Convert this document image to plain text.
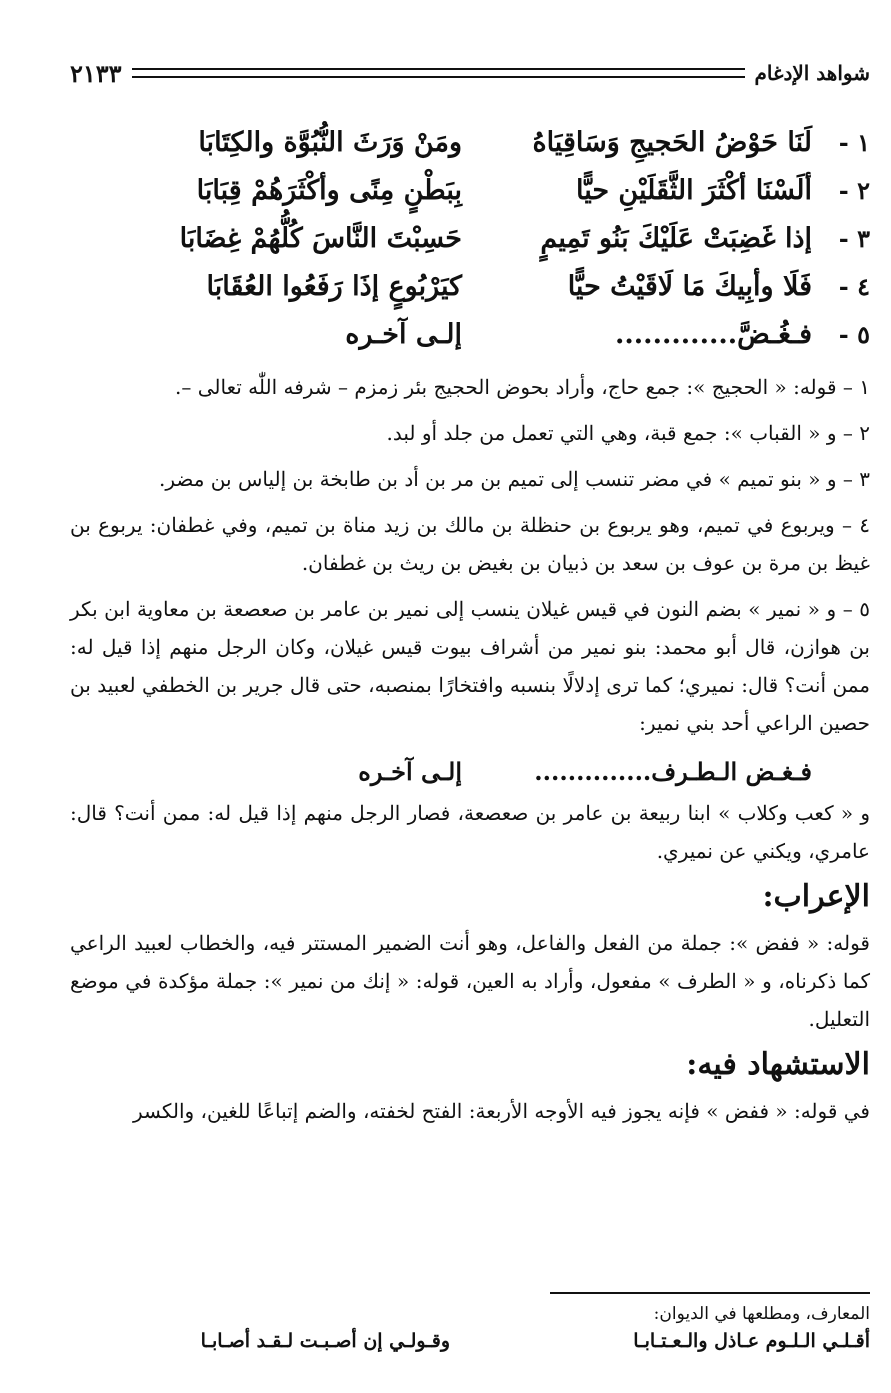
شواهد الإدغام
٢١٣٣
١ -
لَنَا حَوْضُ الحَجيجِ وَسَاقِيَاهُ
ومَنْ وَرَثَ النُّبُوَّة والكِتَابَا
٢ -
ألَسْنَا أكْثَرَ الثَّقَلَيْنِ حيًّا
بِبَطْنٍ مِنًى وأكْثَرَهُمْ قِبَابَا
٣ -
إذا غَضِبَتْ عَلَيْكَ بَنُو تَمِيمٍ
حَسِبْتَ النَّاسَ كُلُّهُمْ غِضَابَا
٤ -
فَلَا وأبِيكَ مَا لَاقَيْتُ حيًّا
كيَرْبُوعٍ إذَا رَفَعُوا العُقَابَا
٥ -
فـغُـضَّ.............
إلـى آخـره

١ – قوله: « الحجيج »: جمع حاج، وأراد بحوض الحجيج بئر زمزم – شرفه اللّٰه تعالى –.

٢ – و « القباب »: جمع قبة، وهي التي تعمل من جلد أو لبد.

٣ – و « بنو تميم » في مضر تنسب إلى تميم بن مر بن أد بن طابخة بن إلياس بن مضر.

٤ – ويربوع في تميم، وهو يربوع بن حنظلة بن مالك بن زيد مناة بن تميم، وفي غطفان: يربوع بن غيظ بن مرة بن عوف بن سعد بن ذبيان بن بغيض بن ريث بن غطفان.

٥ – و « نمير » بضم النون في قيس غيلان ينسب إلى نمير بن عامر بن صعصعة بن معاوية ابن بكر بن هوازن، قال أبو محمد: بنو نمير من أشراف بيوت قيس غيلان، وكان الرجل منهم إذا قيل له: ممن أنت؟ قال: نميري؛ كما ترى إدلالًا بنسبه وافتخارًا بمنصبه، حتى قال جرير بن الخطفي لعبيد بن حصين الراعي أحد بني نمير:

فـغـض الـطـرف..............
إلـى آخـره

و « كعب وكلاب » ابنا ربيعة بن عامر بن صعصعة، فصار الرجل منهم إذا قيل له: ممن أنت؟ قال: عامري، ويكني عن نميري.

الإعراب:

قوله: « ففض »: جملة من الفعل والفاعل، وهو أنت الضمير المستتر فيه، والخطاب لعبيد الراعي كما ذكرناه، و « الطرف » مفعول، وأراد به العين، قوله: « إنك من نمير »: جملة مؤكدة في موضع التعليل.

الاستشهاد فيه:

في قوله: « ففض » فإنه يجوز فيه الأوجه الأربعة: الفتح لخفته، والضم إتباعًا للغين، والكسر

المعارف، ومطلعها في الديوان:

أقـلـي الـلـوم عـاذل والـعـتـابـا
وقـولـي إن أصـبـت لـقـد أصـابـا
